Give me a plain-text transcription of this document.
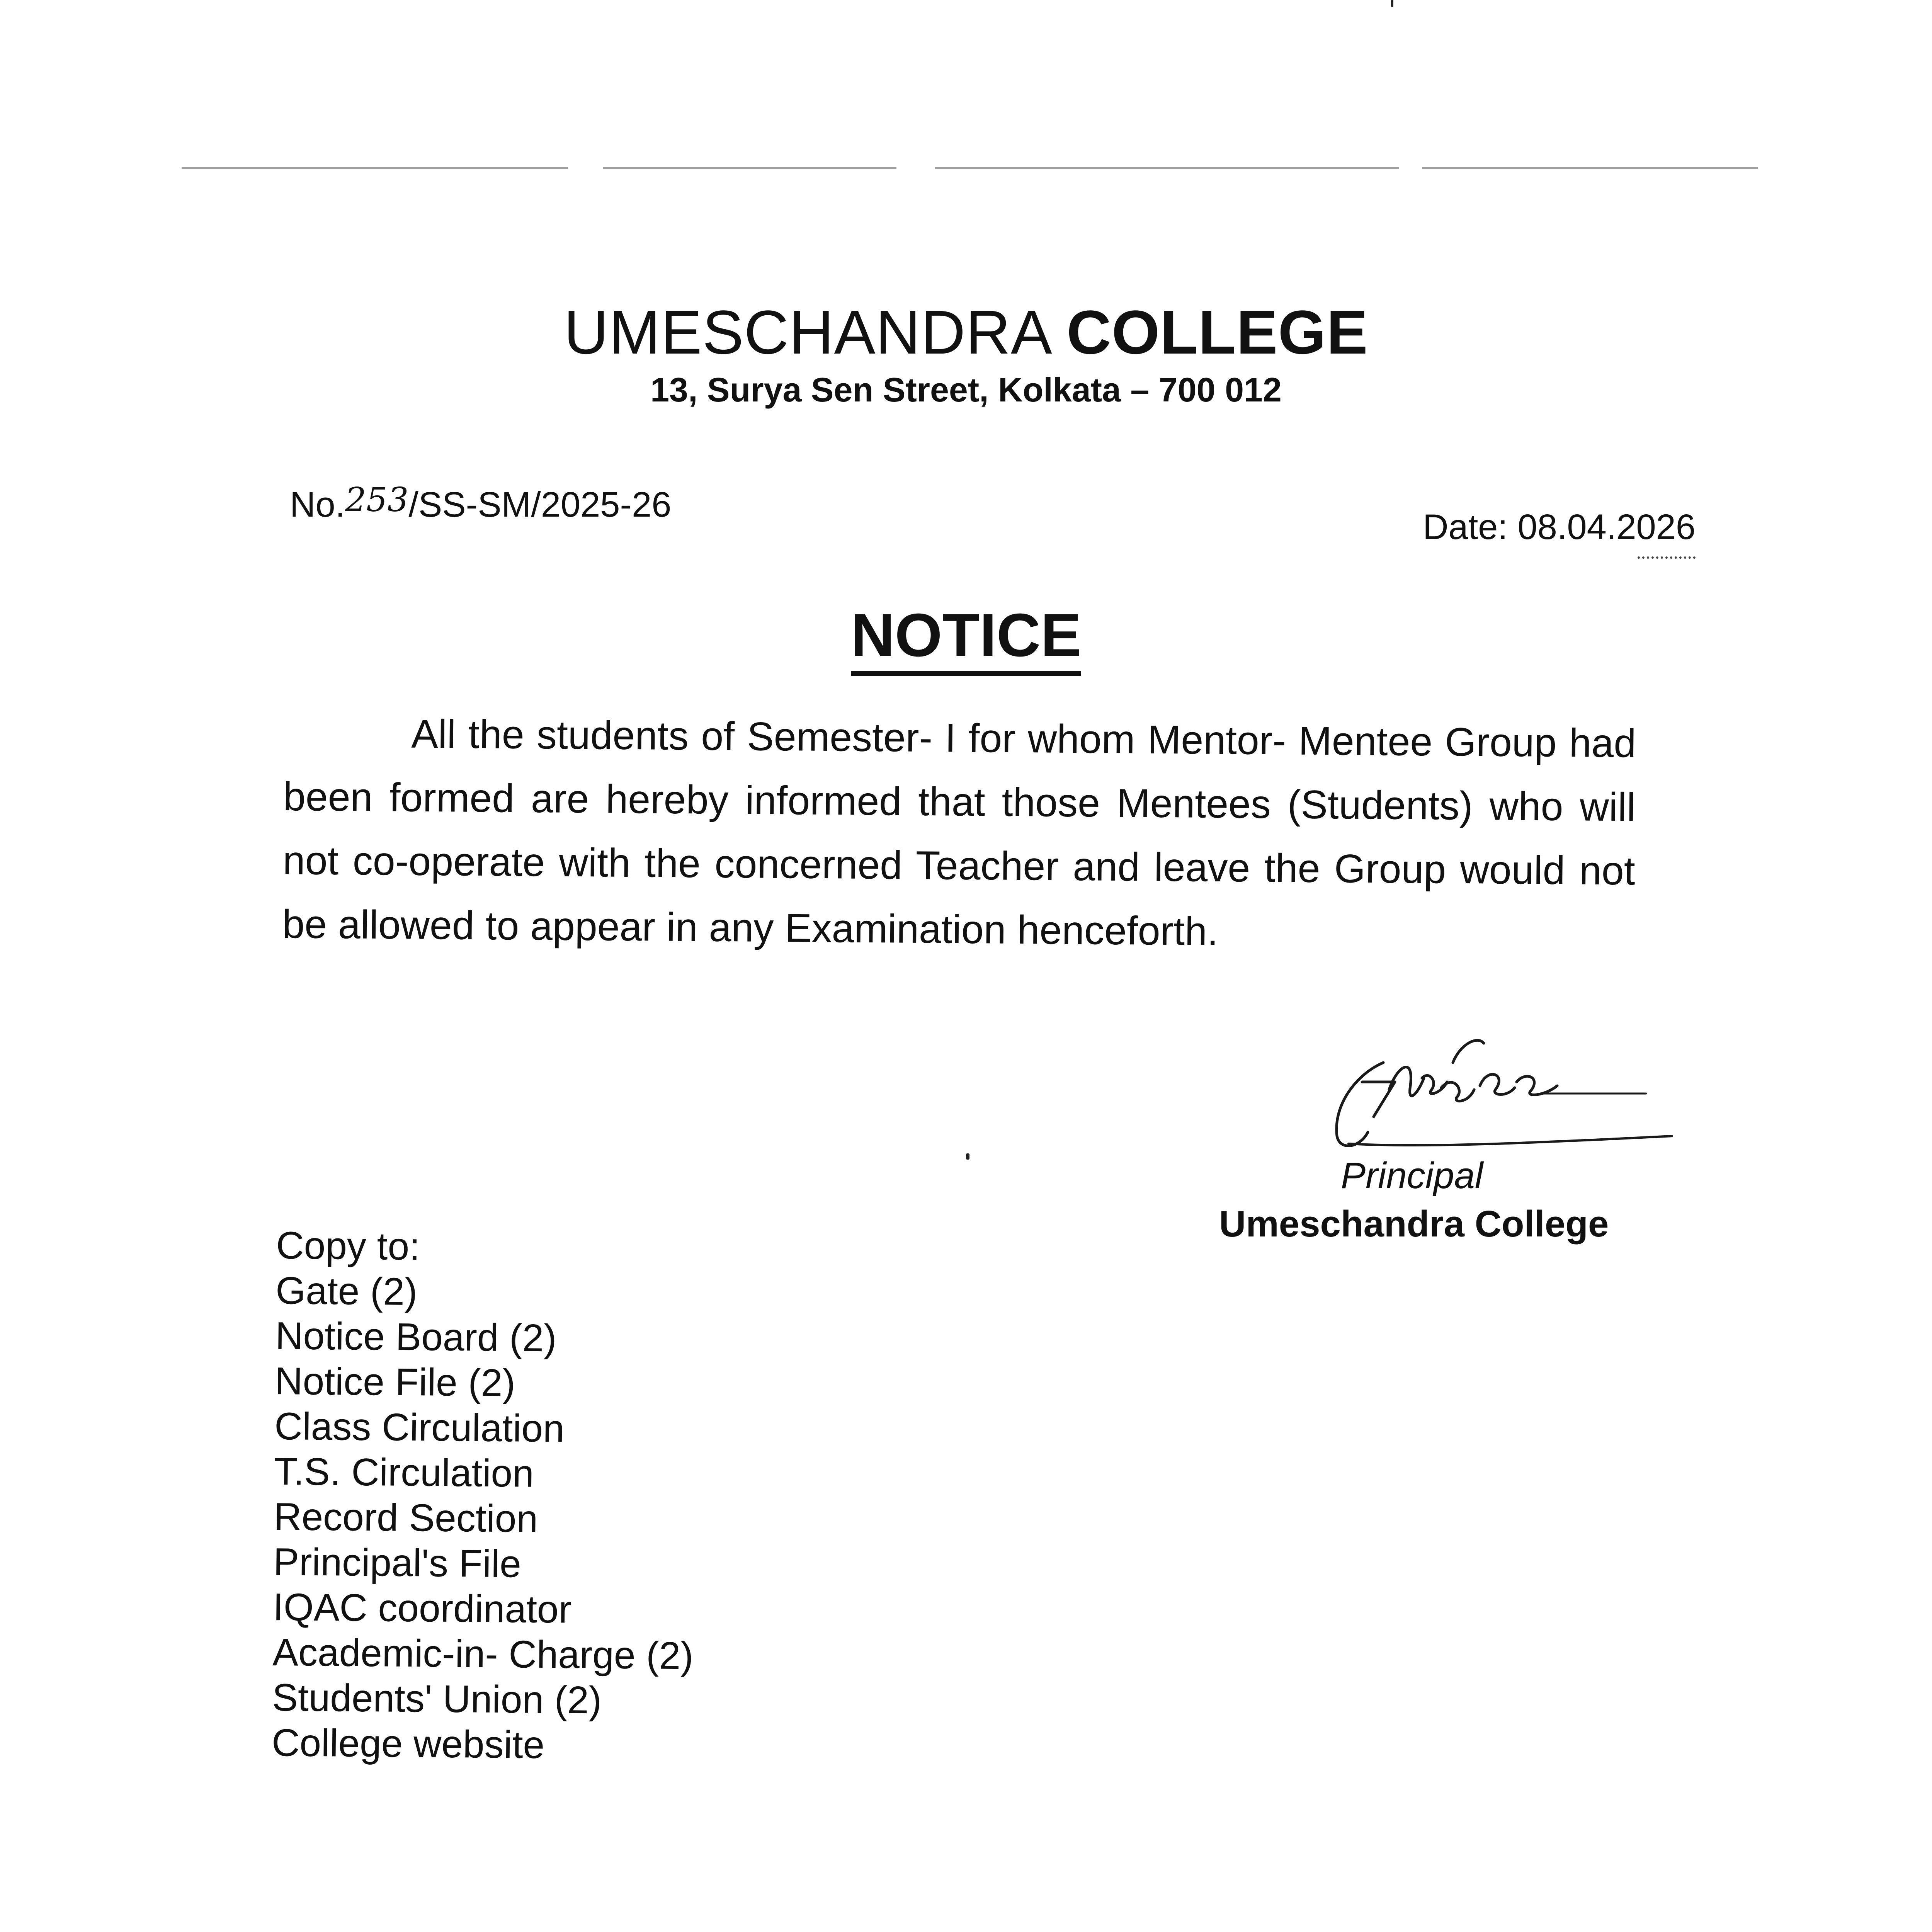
UMESCHANDRA COLLEGE
13, Surya Sen Street, Kolkata – 700 012
No.253/SS-SM/2025-26
Date: 08.04.2026
NOTICE
All the students of Semester- I for whom Mentor- Mentee Group had been formed are hereby informed that those Mentees (Students) who will not co-operate with the concerned Teacher and leave the Group would not be allowed to appear in any Examination henceforth.
Principal
Umeschandra College
Copy to:
Gate (2)
Notice Board (2)
Notice File (2)
Class Circulation
T.S. Circulation
Record Section
Principal's File
IQAC coordinator
Academic-in- Charge (2)
Students' Union (2)
College website
